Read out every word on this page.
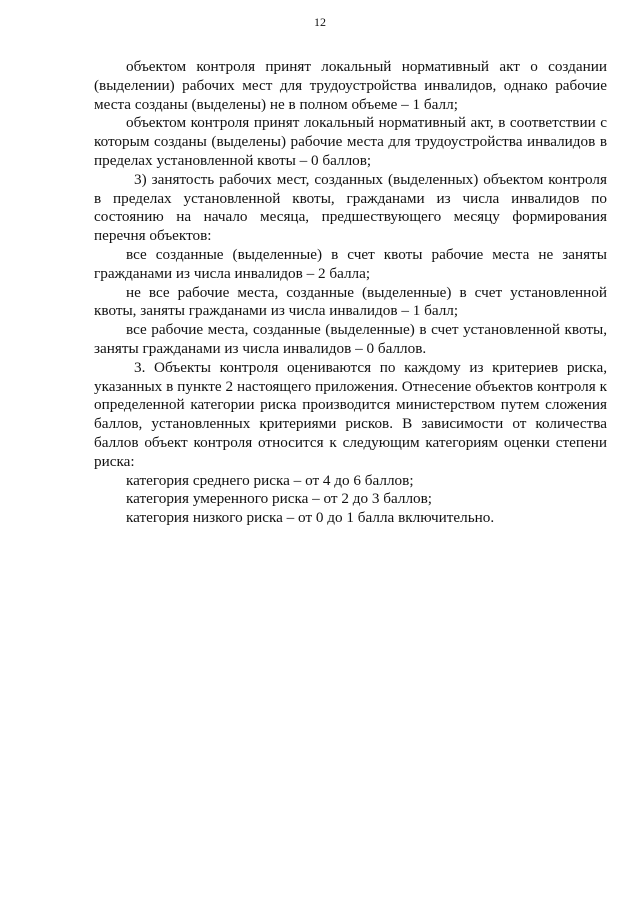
12

объектом контроля принят локальный нормативный акт о создании (выделении) рабочих мест для трудоустройства инвалидов, однако рабочие места созданы (выделены) не в полном объеме – 1 балл;

объектом контроля принят локальный нормативный акт, в соответствии с которым созданы (выделены) рабочие места для трудоустройства инвалидов в пределах установленной квоты – 0 баллов;

3) занятость рабочих мест, созданных (выделенных) объектом контроля в пределах установленной квоты, гражданами из числа инвалидов по состоянию на начало месяца, предшествующего месяцу формирования перечня объектов:

все созданные (выделенные) в счет квоты рабочие места не заняты гражданами из числа инвалидов – 2 балла;

не все рабочие места, созданные (выделенные) в счет установленной квоты, заняты гражданами из числа инвалидов – 1 балл;

все рабочие места, созданные (выделенные) в счет установленной квоты, заняты гражданами из числа инвалидов – 0 баллов.

3. Объекты контроля оцениваются по каждому из критериев риска, указанных в пункте 2 настоящего приложения. Отнесение объектов контроля к определенной категории риска производится министерством путем сложения баллов, установленных критериями рисков. В зависимости от количества баллов объект контроля относится к следующим категориям оценки степени риска:

категория среднего риска – от 4 до 6 баллов;

категория умеренного риска – от 2 до 3 баллов;

категория низкого риска – от 0 до 1 балла включительно.
